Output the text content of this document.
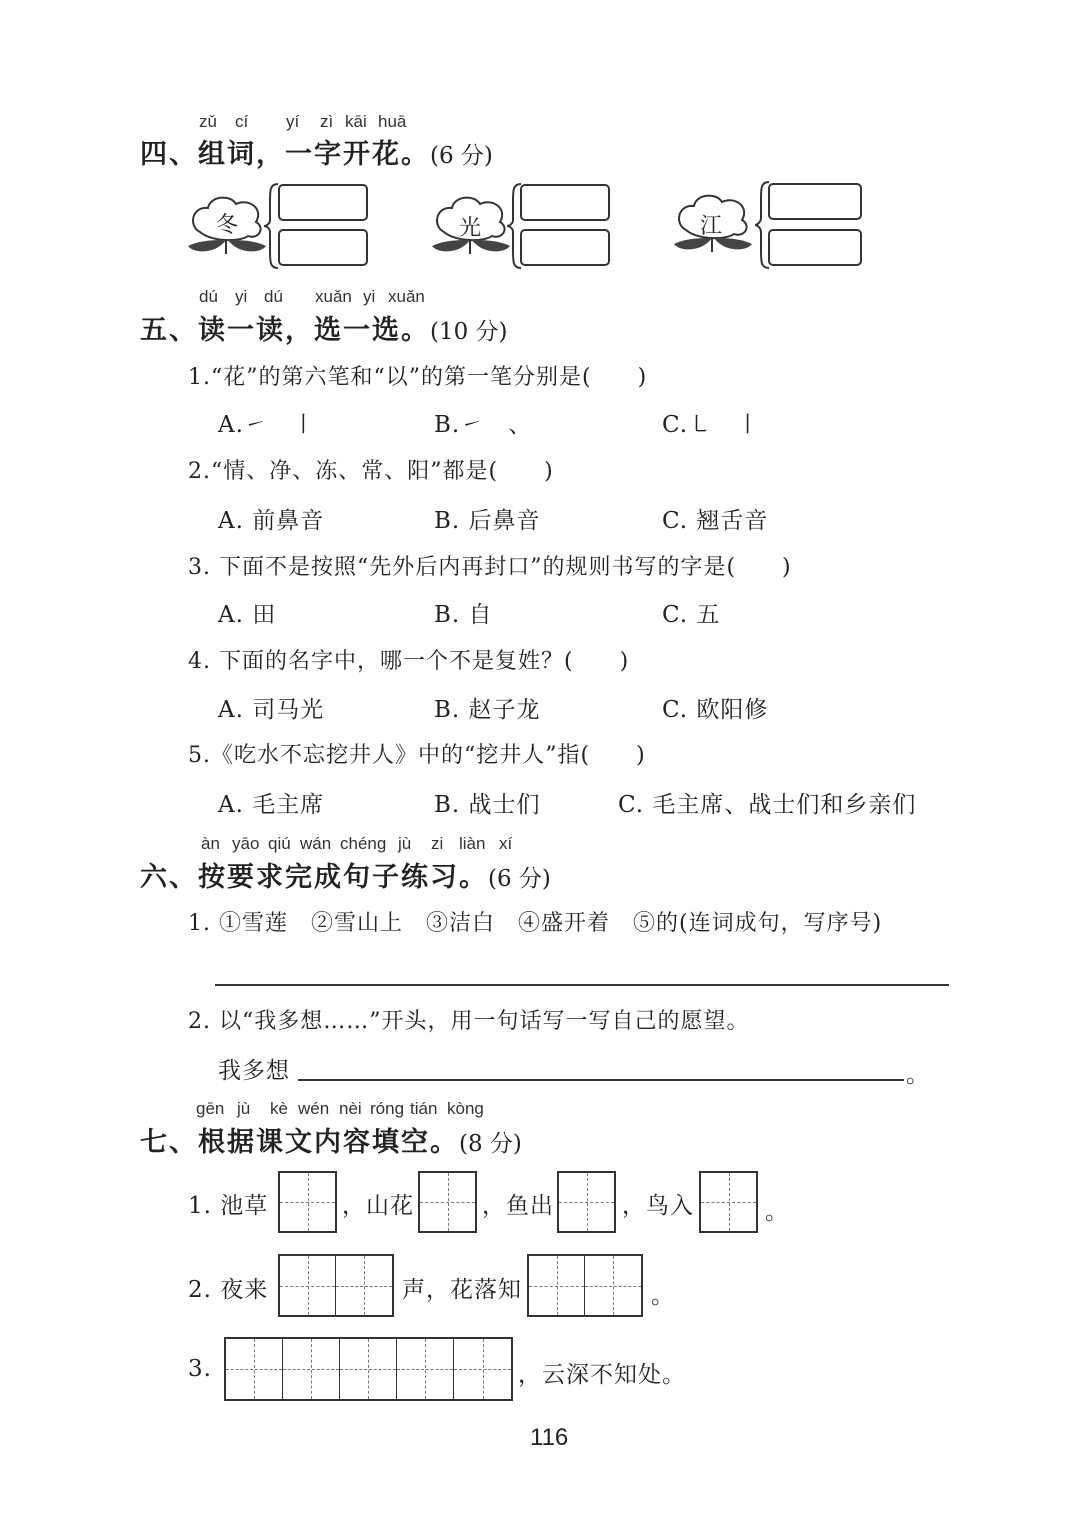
zǔ cí yí zì kāi huā
四、组词，一字开花。(6 分)
冬	光	江
dú yi dú xuǎn yi xuǎn
五、读一读，选一选。(10 分)
1.“花”的第六笔和“以”的第一笔分别是(　　)
A.㇀　㇑	B.㇀　、	C.㇄　㇑
2.“情、净、冻、常、阳”都是(　　)
A. 前鼻音	B. 后鼻音	C. 翘舌音
3. 下面不是按照“先外后内再封口”的规则书写的字是(　　)
A. 田	B. 自	C. 五
4. 下面的名字中，哪一个不是复姓？(　　)
A. 司马光	B. 赵子龙	C. 欧阳修
5.《吃水不忘挖井人》中的“挖井人”指(　　)
A. 毛主席	B. 战士们	C. 毛主席、战士们和乡亲们
àn yāo qiú wán chéng jù zi liàn xí
六、按要求完成句子练习。(6 分)
1. ①雪莲　②雪山上　③洁白　④盛开着　⑤的(连词成句，写序号)
2. 以“我多想……”开头，用一句话写一写自己的愿望。
我多想	。
gēn jù kè wén nèi róng tián kòng
七、根据课文内容填空。(8 分)
1. 池草	，山花	，鱼出	，鸟入	。
2. 夜来	声，花落知	。
3.	，云深不知处。
116
